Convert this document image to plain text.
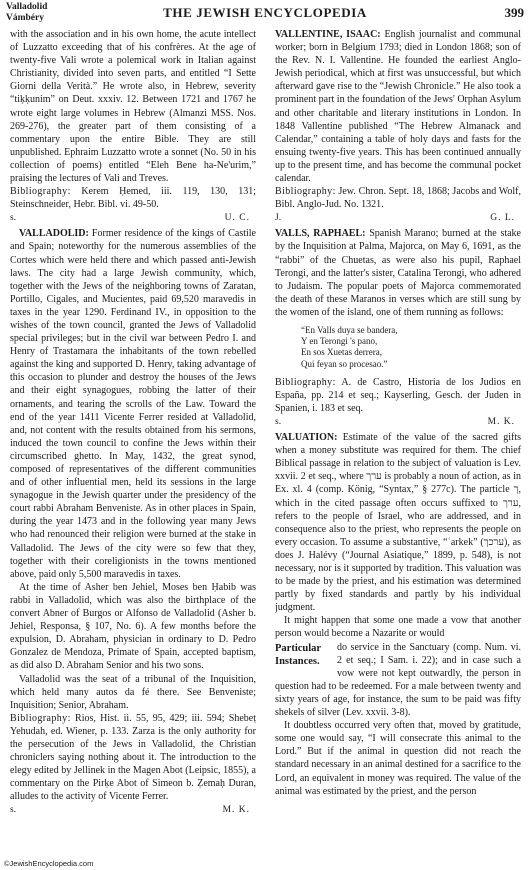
Valladolid
Vámbéry	THE JEWISH ENCYCLOPEDIA	399

with the association and in his own home, the acute intellect of Luzzatto exceeding that of his confrères. At the age of twenty-five Vali wrote a polemical work in Italian against Christianity, divided into seven parts, and entitled “I Sette Giorni della Verità.” He wrote also, in Hebrew, severity “tiḳḳunim” on Deut. xxxiv. 12. Between 1721 and 1767 he wrote eight large volumes in Hebrew (Almanzi MSS. Nos. 269-276), the greater part of them consisting of a commentary upon the entire Bible. They are still unpublished. Ephraim Luzzatto wrote a sonnet (No. 50 in his collection of poems) entitled “Eleh Bene ha-Ne'urim,” praising the lectures of Vali and Treves.

Bibliography: Kerem Ḥemed, iii. 119, 130, 131; Steinschneider, Hebr. Bibl. vi. 49-50.

s.	U. C.

VALLADOLID: Former residence of the kings of Castile and Spain; noteworthy for the numerous assemblies of the Cortes which were held there and which passed anti-Jewish laws. The city had a large Jewish community, which, together with the Jews of the neighboring towns of Zaratan, Portillo, Cigales, and Mucientes, paid 69,520 maravedis in taxes in the year 1290. Ferdinand IV., in opposition to the wishes of the town council, granted the Jews of Valladolid special privileges; but in the civil war between Pedro I. and Henry of Trastamara the inhabitants of the town rebelled against the king and supported D. Henry, taking advantage of this occasion to plunder and destroy the houses of the Jews and their eight synagogues, robbing the latter of their ornaments, and tearing the scrolls of the Law. Toward the end of the year 1411 Vicente Ferrer resided at Valladolid, and, not content with the results obtained from his sermons, induced the town council to confine the Jews within their circumscribed ghetto. In May, 1432, the great synod, composed of representatives of the different communities and of other influential men, held its sessions in the large synagogue in the Jewish quarter under the presidency of the court rabbi Abraham Benveniste. As in other places in Spain, during the year 1473 and in the following year many Jews who had renounced their religion were burned at the stake in Valladolid. The Jews of the city were so few that they, together with their coreligionists in the towns mentioned above, paid only 5,500 maravedis in taxes.

At the time of Asher ben Jehiel, Moses ben Ḥabib was rabbi in Valladolid, which was also the birthplace of the convert Abner of Burgos or Alfonso de Valladolid (Asher b. Jehiel, Responsa, § 107, No. 6). A few months before the expulsion, D. Abraham, physician in ordinary to D. Pedro Gonzalez de Mendoza, Primate of Spain, accepted baptism, as did also D. Abraham Senior and his two sons.

Valladolid was the seat of a tribunal of the Inquisition, which held many autos da fé there. See Benveniste; Inquisition; Senior, Abraham.

Bibliography: Rios, Hist. ii. 55, 95, 429; iii. 594; Shebeṭ Yehudah, ed. Wiener, p. 133. Zarza is the only authority for the persecution of the Jews in Valladolid, the Christian chroniclers saying nothing about it. The introduction to the elegy edited by Jellinek in the Magen Abot (Leipsic, 1855), a commentary on the Pirḳe Abot of Simeon b. Ẓemaḥ Duran, alludes to the activity of Vicente Ferrer.

s.	M. K.

VALLENTINE, ISAAC: English journalist and communal worker; born in Belgium 1793; died in London 1868; son of the Rev. N. I. Vallentine. He founded the earliest Anglo-Jewish periodical, which at first was unsuccessful, but which afterward gave rise to the “Jewish Chronicle.” He also took a prominent part in the foundation of the Jews' Orphan Asylum and other charitable and literary institutions in London. In 1848 Vallentine published “The Hebrew Almanack and Calendar,” containing a table of holy days and fasts for the ensuing twenty-five years. This has been continued annually up to the present time, and has become the communal pocket calendar.

Bibliography: Jew. Chron. Sept. 18, 1868; Jacobs and Wolf, Bibl. Anglo-Jud. No. 1321.

J.	G. L.

VALLS, RAPHAEL: Spanish Marano; burned at the stake by the Inquisition at Palma, Majorca, on May 6, 1691, as the “rabbi” of the Chuetas, as were also his pupil, Raphael Terongi, and the latter's sister, Catalina Terongi, who adhered to Judaism. The popular poets of Majorca commemorated the death of these Maranos in verses which are still sung by the women of the island, one of them running as follows:

“En Valls duya se bandera,
Y en Terongi 's pano,
En sos Xuetas derrera,
Qui feyan so procesao.”

Bibliography: A. de Castro, Historia de los Judios en España, pp. 214 et seq.; Kayserling, Gesch. der Juden in Spanien, i. 183 et seq.

s.	M. K.

VALUATION: Estimate of the value of the sacred gifts when a money substitute was required for them. The chief Biblical passage in relation to the subject of valuation is Lev. xxvii. 2 et seq., where ערך is probably a noun of action, as in Ex. xl. 4 (comp. König, “Syntax,” § 277c). The particle ך, which in the cited passage often occurs suffixed to ערך, refers to the people of Israel, who are addressed, and in consequence also to the priest, who represents the people on every occasion. To assume a substantive, “ʿarkek” (ערכך), as does J. Halévy (“Journal Asiatique,” 1899, p. 548), is not necessary, nor is it supported by tradition. This valuation was to be made by the priest, and his estimation was determined partly by fixed standards and partly by his individual judgment.

It might happen that some one made a vow that another person would become a Nazarite or would

Particular Instances.

do service in the Sanctuary (comp. Num. vi. 2 et seq.; I Sam. i. 22); and in case such a vow were not kept outwardly, the person in question had to be redeemed. For a male between twenty and sixty years of age, for instance, the sum to be paid was fifty shekels of silver (Lev. xxvii. 3-8).

It doubtless occurred very often that, moved by gratitude, some one would say, “I will consecrate this animal to the Lord.” But if the animal in question did not reach the standard necessary in an animal destined for a sacrifice to the Lord, an equivalent in money was required. The value of the animal was estimated by the priest, and the person

©JewishEncyclopedia.com
